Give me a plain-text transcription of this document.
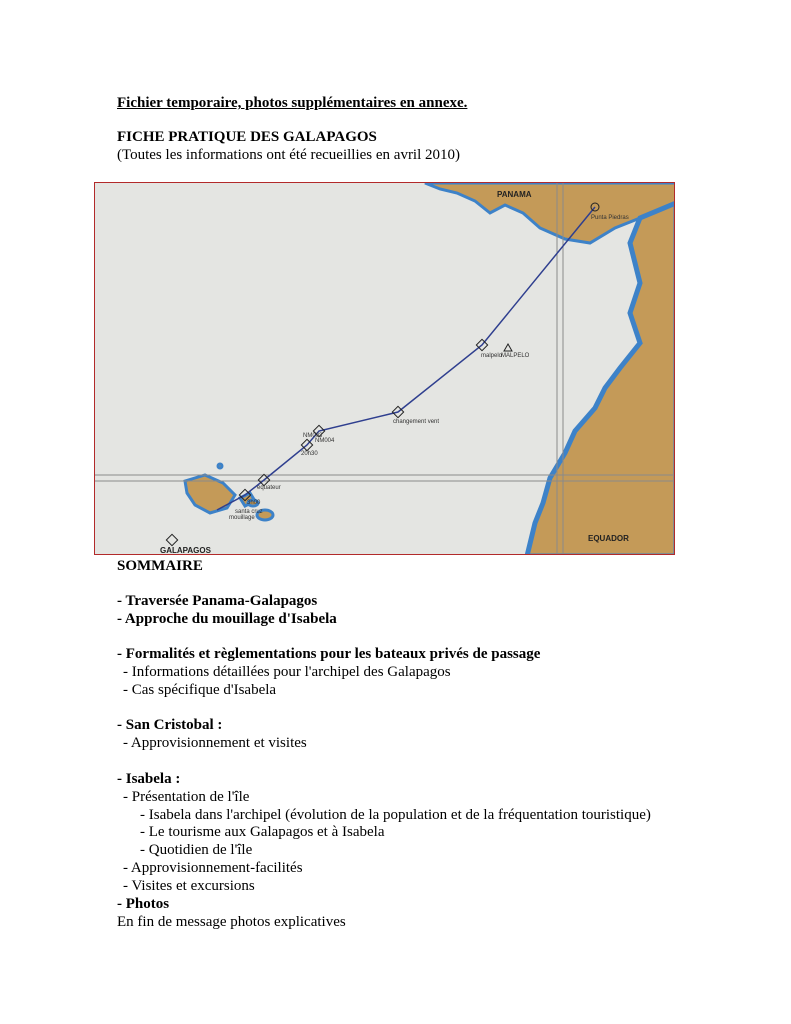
Fichier temporaire, photos supplémentaires en annexe.
FICHE PRATIQUE DES GALAPAGOS
(Toutes les informations ont été recueillies en avril 2010)
PANAMA
Punta Piedras
malpelo
MALPELO
changement vent
NM003
NM004
20h30
equateur
santa cruz
mouillage
3h00
EQUADOR
GALAPAGOS
SOMMAIRE
- Traversée Panama-Galapagos
- Approche du mouillage d'Isabela
- Formalités et règlementations pour les bateaux privés de passage
- Informations détaillées pour l'archipel des Galapagos
- Cas spécifique d'Isabela
- San Cristobal :
- Approvisionnement et visites
- Isabela :
- Présentation de l'île
- Isabela dans l'archipel (évolution de la population et de la fréquentation touristique)
- Le tourisme aux Galapagos et à Isabela
- Quotidien de l'île
- Approvisionnement-facilités
- Visites et excursions
- Photos
En fin de message photos explicatives
